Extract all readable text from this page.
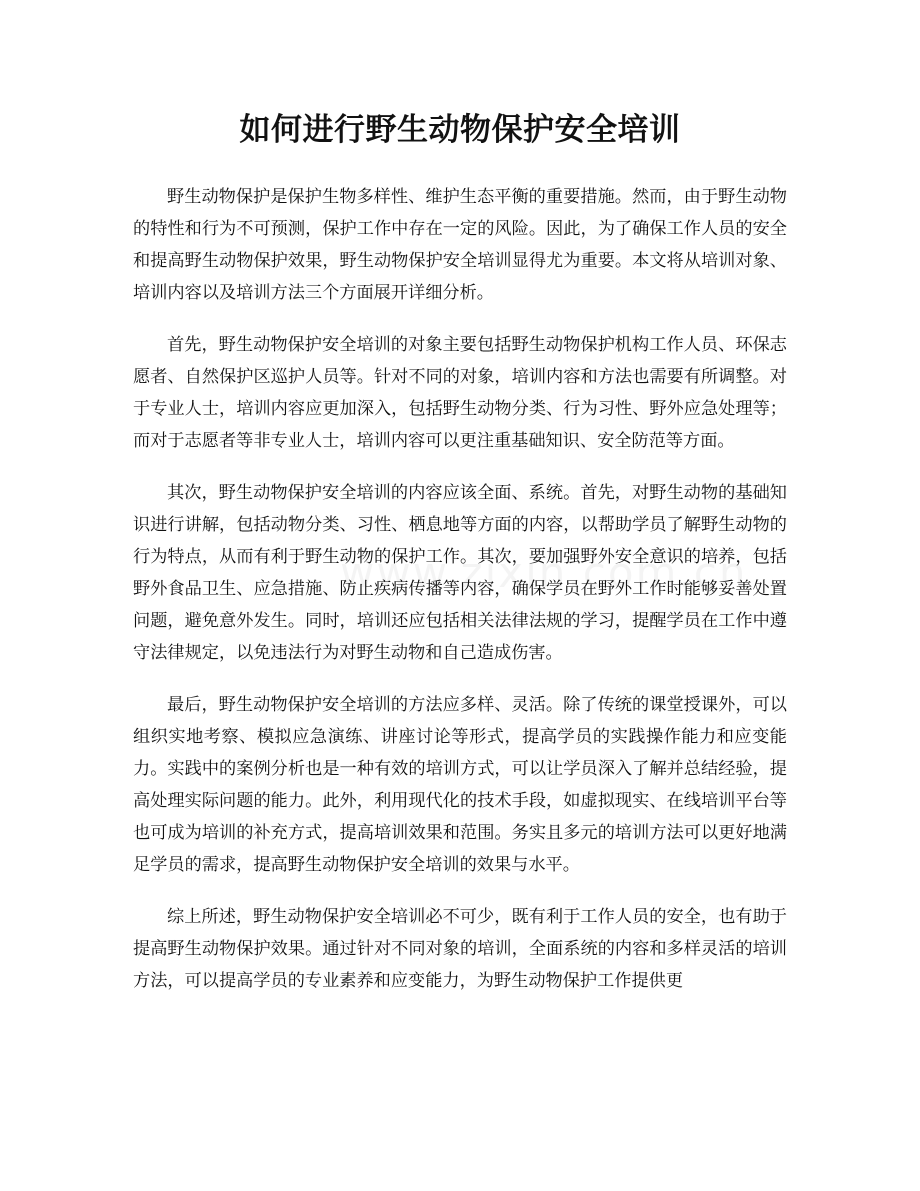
如何进行野生动物保护安全培训

野生动物保护是保护生物多样性、维护生态平衡的重要措施。然而，由于野生动物的特性和行为不可预测，保护工作中存在一定的风险。因此，为了确保工作人员的安全和提高野生动物保护效果，野生动物保护安全培训显得尤为重要。本文将从培训对象、培训内容以及培训方法三个方面展开详细分析。

首先，野生动物保护安全培训的对象主要包括野生动物保护机构工作人员、环保志愿者、自然保护区巡护人员等。针对不同的对象，培训内容和方法也需要有所调整。对于专业人士，培训内容应更加深入，包括野生动物分类、行为习性、野外应急处理等；而对于志愿者等非专业人士，培训内容可以更注重基础知识、安全防范等方面。

其次，野生动物保护安全培训的内容应该全面、系统。首先，对野生动物的基础知识进行讲解，包括动物分类、习性、栖息地等方面的内容，以帮助学员了解野生动物的行为特点，从而有利于野生动物的保护工作。其次，要加强野外安全意识的培养，包括野外食品卫生、应急措施、防止疾病传播等内容，确保学员在野外工作时能够妥善处置问题，避免意外发生。同时，培训还应包括相关法律法规的学习，提醒学员在工作中遵守法律规定，以免违法行为对野生动物和自己造成伤害。

最后，野生动物保护安全培训的方法应多样、灵活。除了传统的课堂授课外，可以组织实地考察、模拟应急演练、讲座讨论等形式，提高学员的实践操作能力和应变能力。实践中的案例分析也是一种有效的培训方式，可以让学员深入了解并总结经验，提高处理实际问题的能力。此外，利用现代化的技术手段，如虚拟现实、在线培训平台等也可成为培训的补充方式，提高培训效果和范围。务实且多元的培训方法可以更好地满足学员的需求，提高野生动物保护安全培训的效果与水平。

综上所述，野生动物保护安全培训必不可少，既有利于工作人员的安全，也有助于提高野生动物保护效果。通过针对不同对象的培训，全面系统的内容和多样灵活的培训方法，可以提高学员的专业素养和应变能力，为野生动物保护工作提供更
